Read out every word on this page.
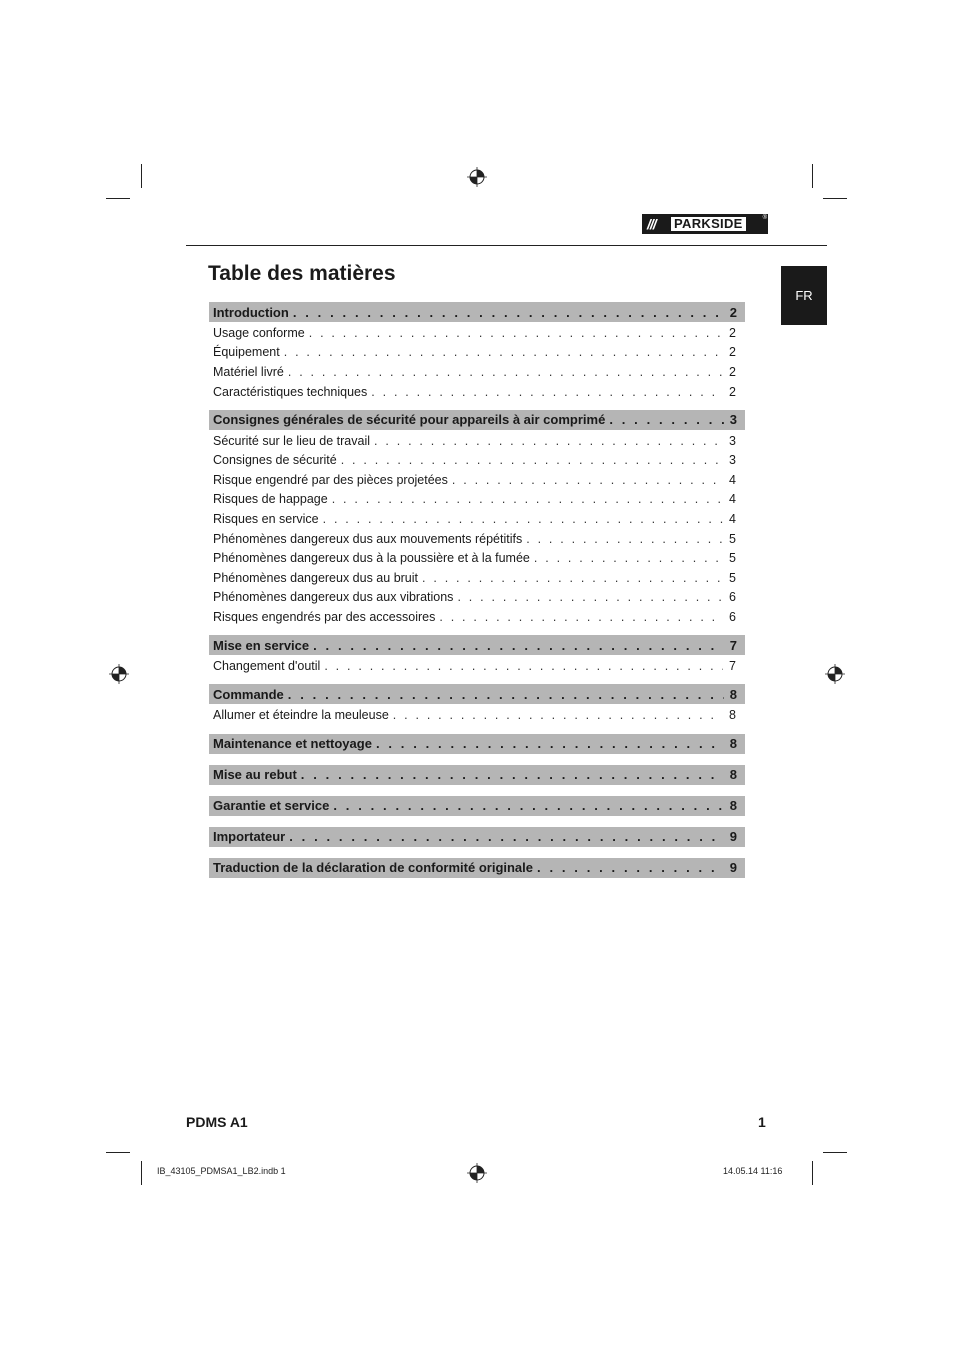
///	PARKSIDE	®
FR
Table des matières
Introduction . . .	2
Usage conforme . . .	2
Équipement . . .	2
Matériel livré . . .	2
Caractéristiques techniques . . .	2
Consignes générales de sécurité pour appareils à air comprimé . . .	3
Sécurité sur le lieu de travail . . .	3
Consignes de sécurité . . .	3
Risque engendré par des pièces projetées . . .	4
Risques de happage . . .	4
Risques en service . . .	4
Phénomènes dangereux dus aux mouvements répétitifs . . .	5
Phénomènes dangereux dus à la poussière et à la fumée . . .	5
Phénomènes dangereux dus au bruit . . .	5
Phénomènes dangereux dus aux vibrations . . .	6
Risques engendrés par des accessoires . . .	6
Mise en service . . .	7
Changement d'outil . . .	7
Commande . . .	8
Allumer et éteindre la meuleuse . . .	8
Maintenance et nettoyage . . .	8
Mise au rebut . . .	8
Garantie et service . . .	8
Importateur . . .	9
Traduction de la déclaration de conformité originale . . .	9
PDMS A1	1
IB_43105_PDMSA1_LB2.indb 1	14.05.14 11:16
